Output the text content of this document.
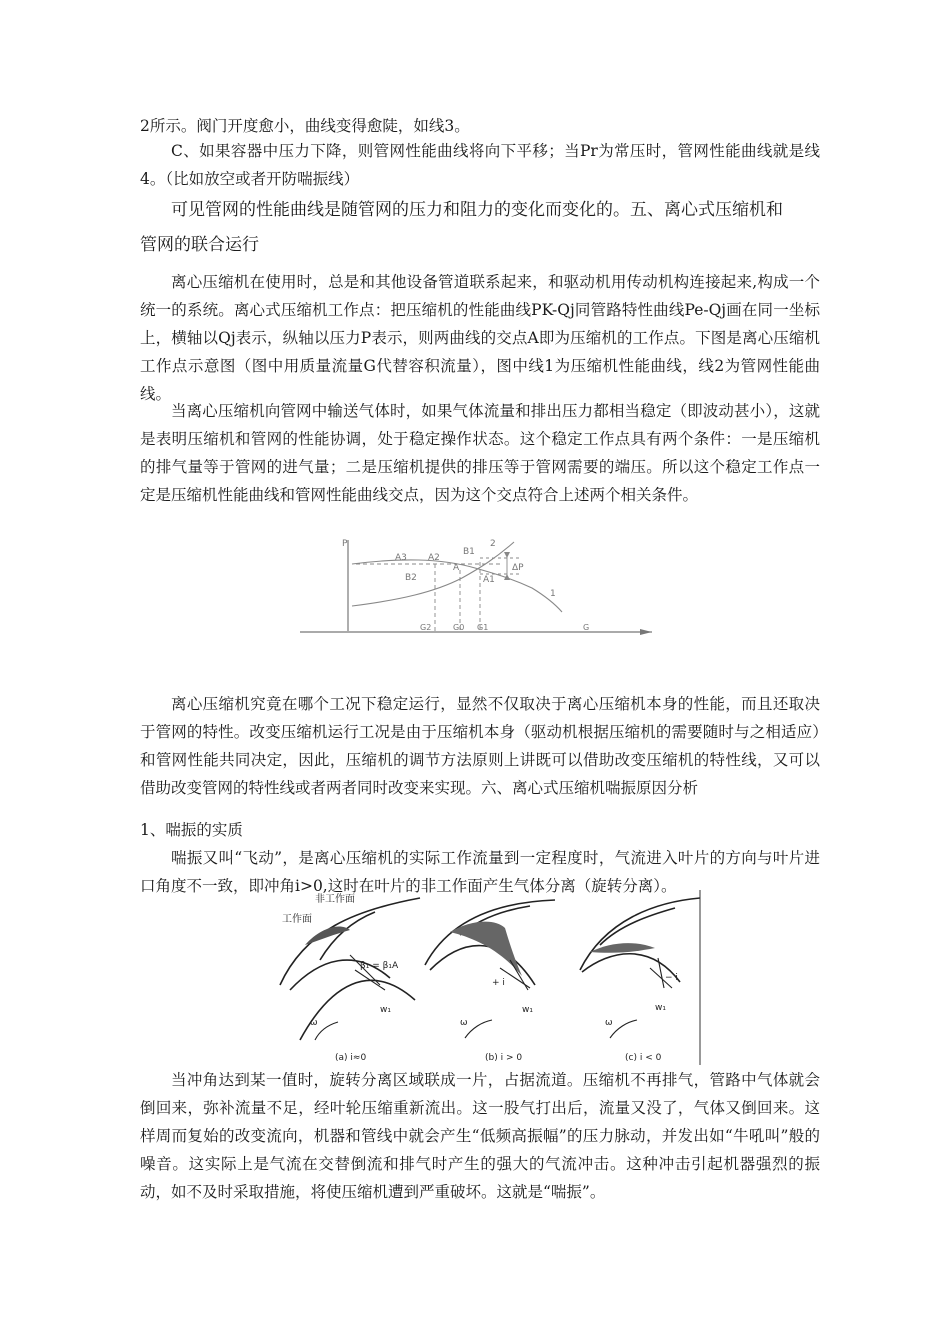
2所示。阀门开度愈小，曲线变得愈陡，如线3。

C、如果容器中压力下降，则管网性能曲线将向下平移；当Pr为常压时，管网性能曲线就是线4。（比如放空或者开防喘振线）

可见管网的性能曲线是随管网的压力和阻力的变化而变化的。五、离心式压缩机和

管网的联合运行

离心压缩机在使用时，总是和其他设备管道联系起来，和驱动机用传动机构连接起来,构成一个统一的系统。离心式压缩机工作点：把压缩机的性能曲线PK-Qj同管路特性曲线Pe-Qj画在同一坐标上，横轴以Qj表示，纵轴以压力P表示，则两曲线的交点A即为压缩机的工作点。下图是离心压缩机工作点示意图（图中用质量流量G代替容积流量），图中线1为压缩机性能曲线，线2为管网性能曲线。

当离心压缩机向管网中输送气体时，如果气体流量和排出压力都相当稳定（即波动甚小），这就是表明压缩机和管网的性能协调，处于稳定操作状态。这个稳定工作点具有两个条件：一是压缩机的排气量等于管网的进气量；二是压缩机提供的排压等于管网需要的端压。所以这个稳定工作点一定是压缩机性能曲线和管网性能曲线交点，因为这个交点符合上述两个相关条件。

P
A3 A2
A
B1
2
B2	A1
ΔP
1
G2	G0 G1	G

离心压缩机究竟在哪个工况下稳定运行，显然不仅取决于离心压缩机本身的性能，而且还取决于管网的特性。改变压缩机运行工况是由于压缩机本身（驱动机根据压缩机的需要随时与之相适应）和管网性能共同决定，因此，压缩机的调节方法原则上讲既可以借助改变压缩机的特性线，又可以借助改变管网的特性线或者两者同时改变来实现。六、离心式压缩机喘振原因分析

1、喘振的实质

喘振又叫“飞动”，是离心压缩机的实际工作流量到一定程度时，气流进入叶片的方向与叶片进口角度不一致，即冲角i>0,这时在叶片的非工作面产生气体分离（旋转分离）。

工作面
非工作面
β₁ = β₁A
w₁
ω
+ i
w₁
ω
− i
w₁
ω
(a) i≈0	(b) i > 0	(c) i < 0

当冲角达到某一值时，旋转分离区域联成一片，占据流道。压缩机不再排气，管路中气体就会倒回来，弥补流量不足，经叶轮压缩重新流出。这一股气打出后，流量又没了，气体又倒回来。这样周而复始的改变流向，机器和管线中就会产生“低频高振幅”的压力脉动，并发出如“牛吼叫”般的噪音。这实际上是气流在交替倒流和排气时产生的强大的气流冲击。这种冲击引起机器强烈的振动，如不及时采取措施，将使压缩机遭到严重破坏。这就是“喘振”。
